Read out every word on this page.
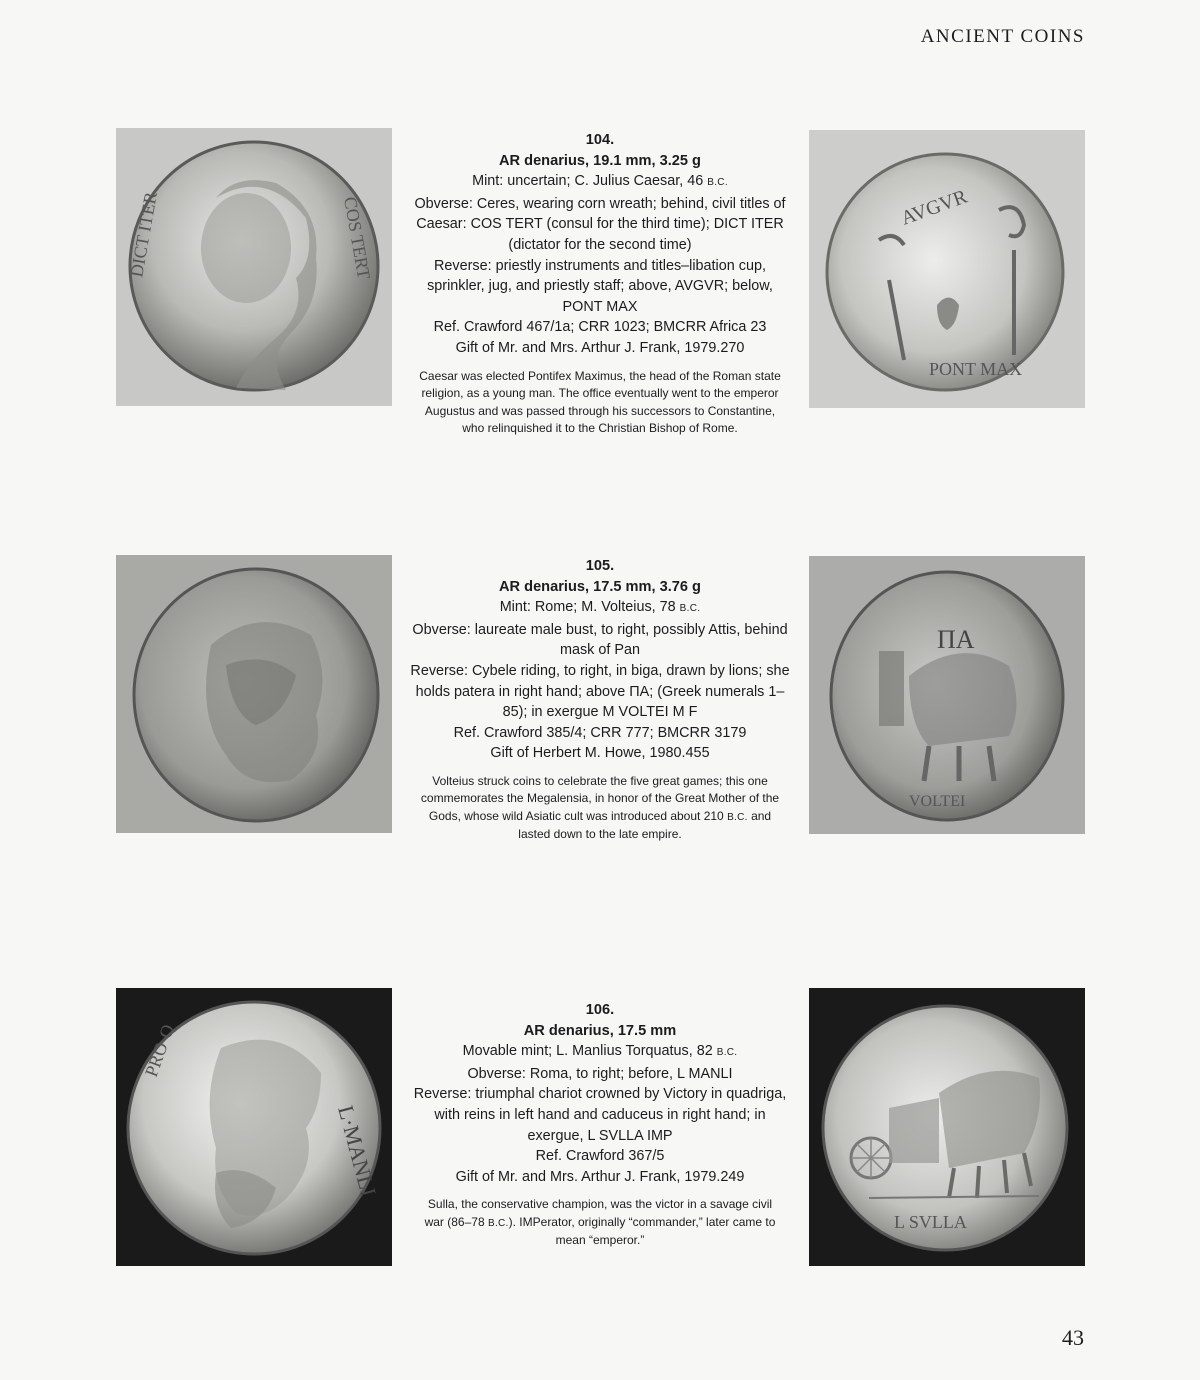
ANCIENT COINS
DICT ITER	COS TERT
104.
AR denarius, 19.1 mm, 3.25 g
Mint: uncertain; C. Julius Caesar, 46 B.C.
Obverse: Ceres, wearing corn wreath; behind, civil titles of Caesar: COS TERT (consul for the third time); DICT ITER (dictator for the second time)
Reverse: priestly instruments and titles–libation cup, sprinkler, jug, and priestly staff; above, AVGVR; below, PONT MAX
Ref. Crawford 467/1a; CRR 1023; BMCRR Africa 23
Gift of Mr. and Mrs. Arthur J. Frank, 1979.270
Caesar was elected Pontifex Maximus, the head of the Roman state religion, as a young man. The office eventually went to the emperor Augustus and was passed through his successors to Constantine, who relinquished it to the Christian Bishop of Rome.
AVGVR
PONT MAX
105.
AR denarius, 17.5 mm, 3.76 g
Mint: Rome; M. Volteius, 78 B.C.
Obverse: laureate male bust, to right, possibly Attis, behind mask of Pan
Reverse: Cybele riding, to right, in biga, drawn by lions; she holds patera in right hand; above ΠΑ; (Greek numerals 1–85); in exergue M VOLTEI M F
Ref. Crawford 385/4; CRR 777; BMCRR 3179
Gift of Herbert M. Howe, 1980.455
Volteius struck coins to celebrate the five great games; this one commemorates the Megalensia, in honor of the Great Mother of the Gods, whose wild Asiatic cult was introduced about 210 B.C. and lasted down to the late empire.
ΠΑ
VOLTEI
L·MANLI
PRO·Q
106.
AR denarius, 17.5 mm
Movable mint; L. Manlius Torquatus, 82 B.C.
Obverse: Roma, to right; before, L MANLI
Reverse: triumphal chariot crowned by Victory in quadriga, with reins in left hand and caduceus in right hand; in exergue, L SVLLA IMP
Ref. Crawford 367/5
Gift of Mr. and Mrs. Arthur J. Frank, 1979.249
Sulla, the conservative champion, was the victor in a savage civil war (86–78 B.C.). IMPerator, originally “commander,” later came to mean “emperor.”
L SVLLA
43
